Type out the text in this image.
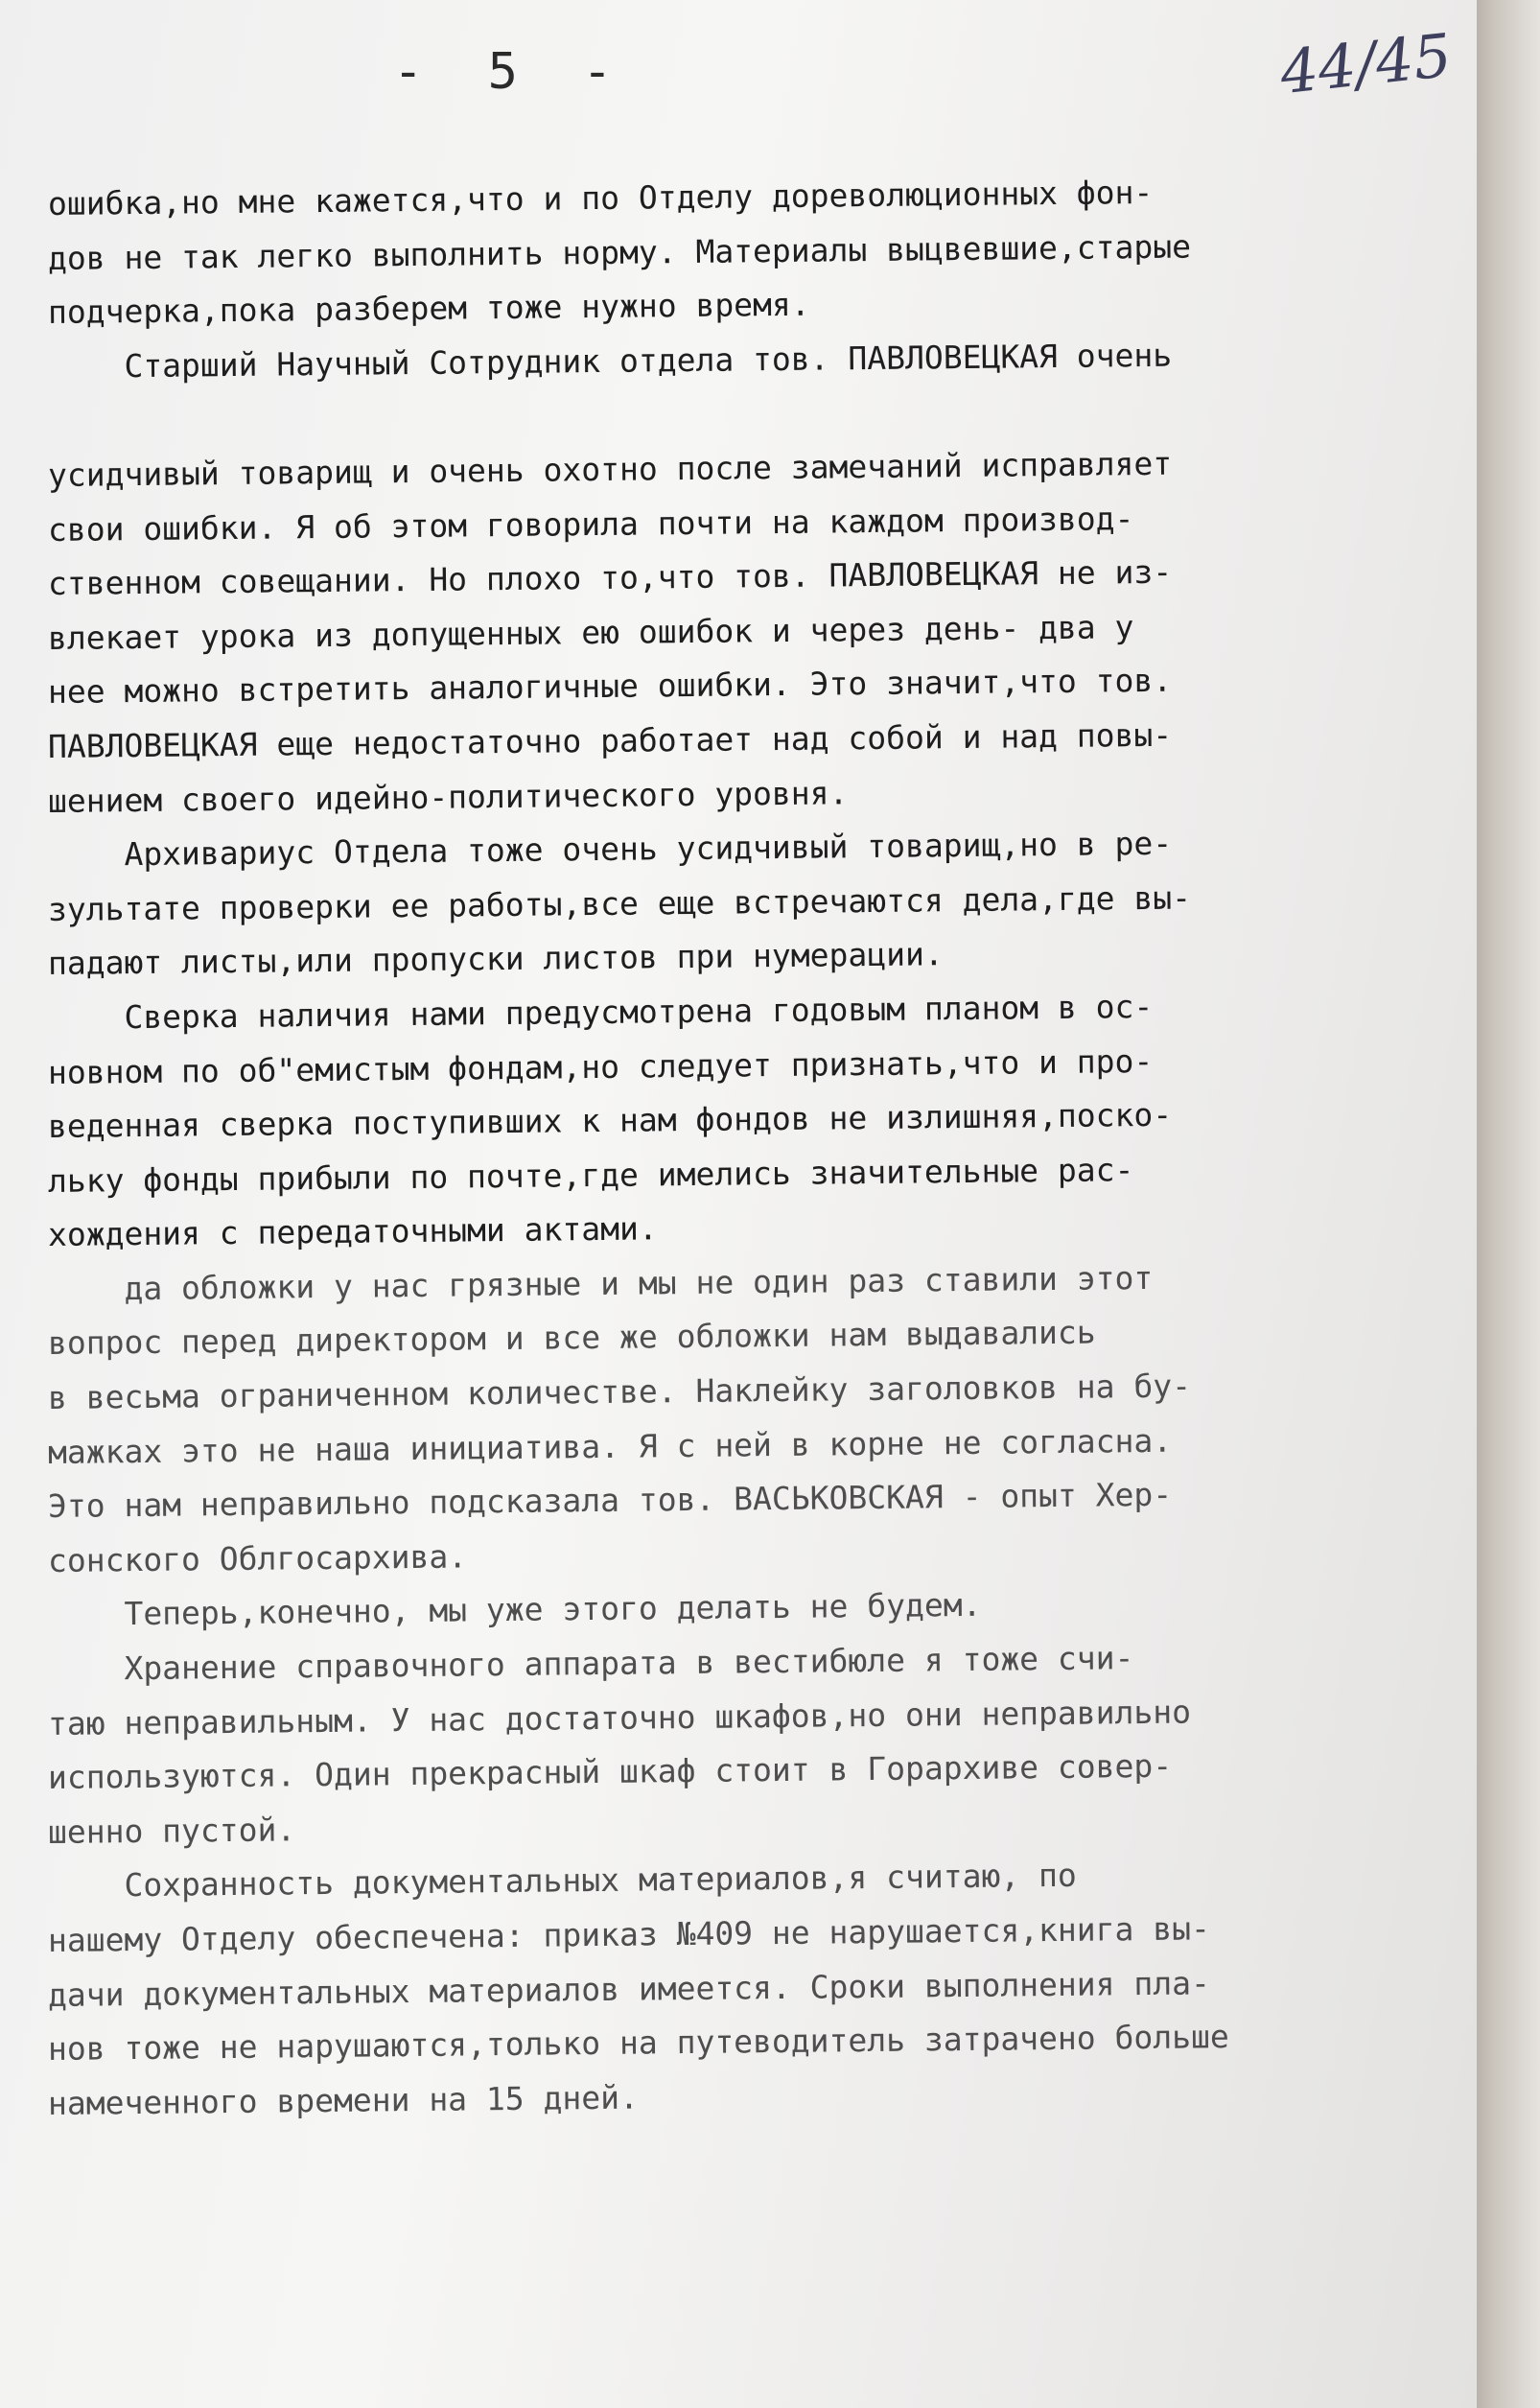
- 5 -	44/45
ошибка,но мне кажется,что и по Отделу дореволюционных фон-
дов не так легко выполнить норму. Материалы выцвевшие,старые
подчерка,пока разберем тоже нужно время.
Старший Научный Сотрудник отдела тов. ПАВЛОВЕЦКАЯ очень
усидчивый товарищ и очень охотно после замечаний исправляет
свои ошибки. Я об этом говорила почти на каждом производ-
ственном совещании. Но плохо то,что тов. ПАВЛОВЕЦКАЯ не из-
влекает урока из допущенных ею ошибок и через день- два у
нее можно встретить аналогичные ошибки. Это значит,что тов.
ПАВЛОВЕЦКАЯ еще недостаточно работает над собой и над повы-
шением своего идейно-политического уровня.
Архивариус Отдела тоже очень усидчивый товарищ,но в ре-
зультате проверки ее работы,все еще встречаются дела,где вы-
падают листы,или пропуски листов при нумерации.
Сверка наличия нами предусмотрена годовым планом в ос-
новном по об"емистым фондам,но следует признать,что и про-
веденная сверка поступивших к нам фондов не излишняя,поско-
льку фонды прибыли по почте,где имелись значительные рас-
хождения с передаточными актами.
да обложки у нас грязные и мы не один раз ставили этот
вопрос перед директором и все же обложки нам выдавались
в весьма ограниченном количестве. Наклейку заголовков на бу-
мажках это не наша инициатива. Я с ней в корне не согласна.
Это нам неправильно подсказала тов. ВАСЬКОВСКАЯ - опыт Хер-
сонского Облгосархива.
Теперь,конечно, мы уже этого делать не будем.
Хранение справочного аппарата в вестибюле я тоже счи-
таю неправильным. У нас достаточно шкафов,но они неправильно
используются. Один прекрасный шкаф стоит в Горархиве совер-
шенно пустой.
Сохранность документальных материалов,я считаю, по
нашему Отделу обеспечена: приказ №409 не нарушается,книга вы-
дачи документальных материалов имеется. Сроки выполнения пла-
нов тоже не нарушаются,только на путеводитель затрачено больше
намеченного времени на 15 дней.
